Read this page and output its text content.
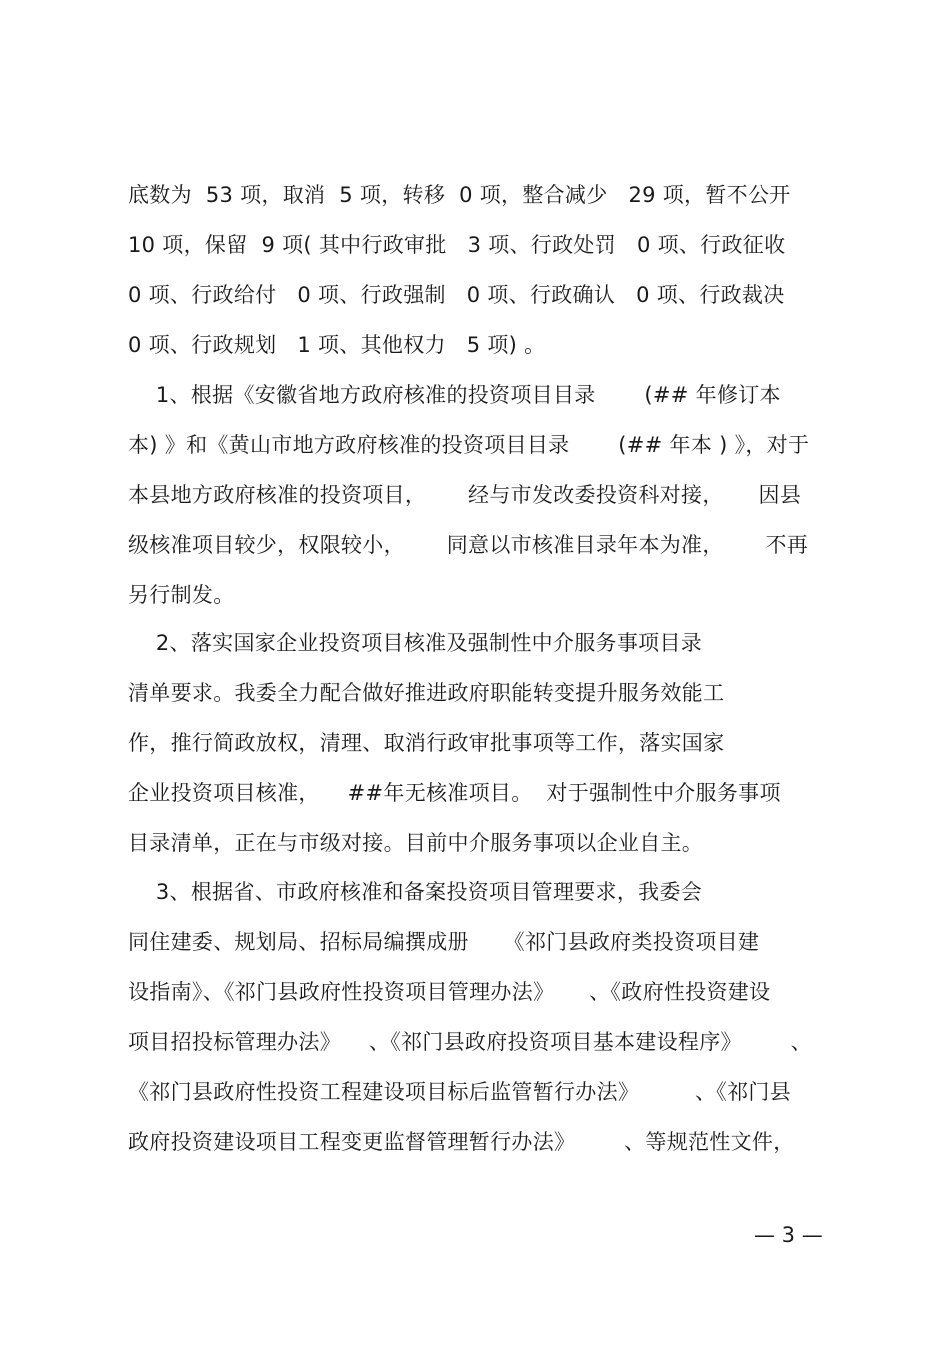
底数为  53 项，取消  5 项，转移  0 项，整合减少   29 项，暂不公开
10 项，保留  9 项( 其中行政审批   3 项、行政处罚   0 项、行政征收
0 项、行政给付   0 项、行政强制   0 项、行政确认   0 项、行政裁决
0 项、行政规划   1 项、其他权力   5 项) 。
1、根据《安徽省地方政府核准的投资项目目录       (## 年修订本
本) 》和《黄山市地方政府核准的投资项目目录       (## 年本 ) 》，对于
本县地方政府核准的投资项目，      经与市发改委投资科对接，     因县
级核准项目较少，权限较小，      同意以市核准目录年本为准，      不再
另行制发。
2、落实国家企业投资项目核准及强制性中介服务事项目录
清单要求。我委全力配合做好推进政府职能转变提升服务效能工
作，推行简政放权，清理、取消行政审批事项等工作，落实国家
企业投资项目核准，    ##年无核准项目。  对于强制性中介服务事项
目录清单，正在与市级对接。目前中介服务事项以企业自主。
3、根据省、市政府核准和备案投资项目管理要求，我委会
同住建委、规划局、招标局编撰成册     《祁门县政府类投资项目建
设指南》、《祁门县政府性投资项目管理办法》     、《政府性投资建设
项目招投标管理办法》    、《祁门县政府投资项目基本建设程序》       、
《祁门县政府性投资工程建设项目标后监管暂行办法》        、《祁门县
政府投资建设项目工程变更监督管理暂行办法》       、等规范性文件，
— 3 —
